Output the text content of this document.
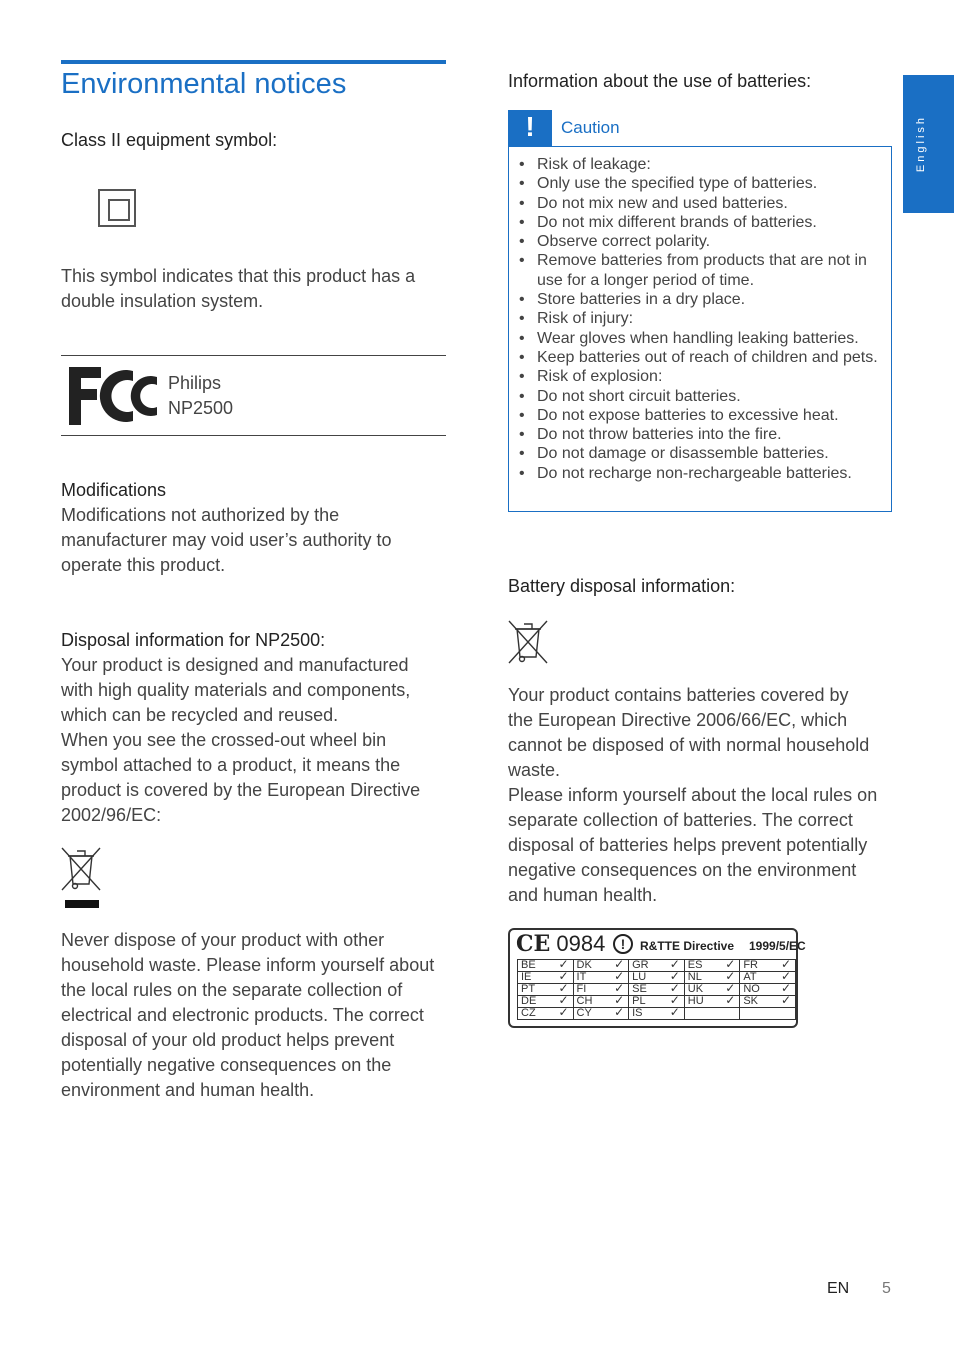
English
Environmental notices
Class II equipment symbol:
This symbol indicates that this product has a
double insulation system.
Philips
NP2500
Modifications
Modifications not authorized by the
manufacturer may void user’s authority to
operate this product.
Disposal information for NP2500:
Your product is designed and manufactured
with high quality materials and components,
which can be recycled and reused.
When you see the crossed-out wheel bin
symbol attached to a product, it means the
product is covered by the European Directive
2002/96/EC:
Never dispose of your product with other
household waste. Please inform yourself about
the local rules on the separate collection of
electrical and electronic products. The correct
disposal of your old product helps prevent
potentially negative consequences on the
environment and human health.
Information about the use of batteries:
!	Caution
• Risk of leakage:
• Only use the specified type of batteries.
• Do not mix new and used batteries.
• Do not mix different brands of batteries.
• Observe correct polarity.
• Remove batteries from products that are not in use for a longer period of time.
• Store batteries in a dry place.
• Risk of injury:
• Wear gloves when handling leaking batteries.
• Keep batteries out of reach of children and pets.
• Risk of explosion:
• Do not short circuit batteries.
• Do not expose batteries to excessive heat.
• Do not throw batteries into the fire.
• Do not damage or disassemble batteries.
• Do not recharge non-rechargeable batteries.
Battery disposal information:
Your product contains batteries covered by
the European Directive 2006/66/EC, which
cannot be disposed of with normal household
waste.
Please inform yourself about the local rules on
separate collection of batteries. The correct
disposal of batteries helps prevent potentially
negative consequences on the environment
and human health.
CE 0984	!	R&TTE Directive 1999/5/EC
BE ✓	DK ✓	GR ✓	ES ✓	FR ✓

IE ✓	IT ✓	LU ✓	NL ✓	AT ✓

PT ✓	FI ✓	SE ✓	UK ✓	NO ✓

DE ✓	CH ✓	PL ✓	HU ✓	SK ✓

CZ ✓	CY ✓	IS ✓		

EN 5
